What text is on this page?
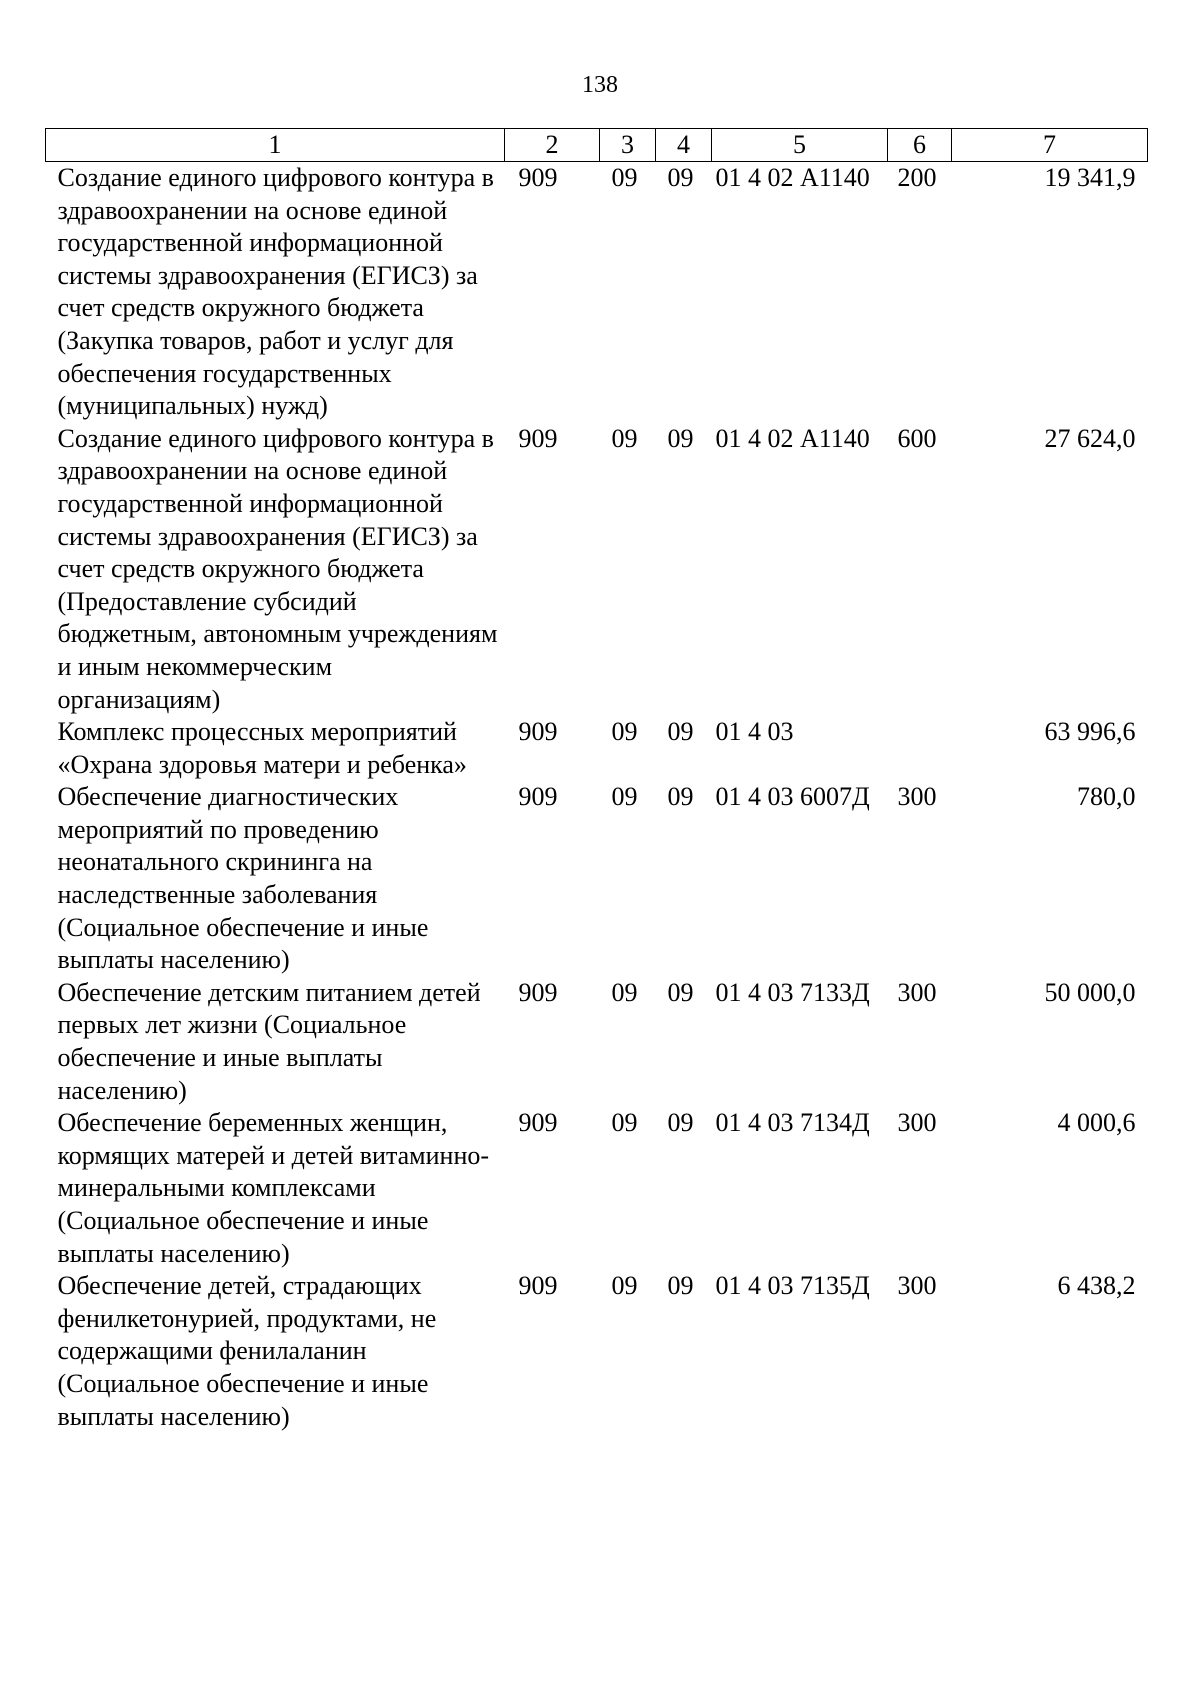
138
1	2	3	4	5	6	7
Создание единого цифрового контура в здравоохранении на основе единой государственной информационной системы здравоохранения (ЕГИСЗ) за счет средств окружного бюджета (Закупка товаров, работ и услуг для обеспечения государственных (муниципальных) нужд)	909	09	09	01 4 02 А1140	200	19 341,9
Создание единого цифрового контура в здравоохранении на основе единой государственной информационной системы здравоохранения (ЕГИСЗ) за счет средств окружного бюджета (Предоставление субсидий бюджетным, автономным учреждениям и иным некоммерческим организациям)	909	09	09	01 4 02 А1140	600	27 624,0
Комплекс процессных мероприятий «Охрана здоровья матери и ребенка»	909	09	09	01 4 03		63 996,6
Обеспечение диагностических мероприятий по проведению неонатального скрининга на наследственные заболевания (Социальное обеспечение и иные выплаты населению)	909	09	09	01 4 03 6007Д	300	780,0
Обеспечение детским питанием детей первых лет жизни (Социальное обеспечение и иные выплаты населению)	909	09	09	01 4 03 7133Д	300	50 000,0
Обеспечение беременных женщин, кормящих матерей и детей витаминно-минеральными комплексами (Социальное обеспечение и иные выплаты населению)	909	09	09	01 4 03 7134Д	300	4 000,6
Обеспечение детей, страдающих фенилкетонурией, продуктами, не содержащими фенилаланин (Социальное обеспечение и иные выплаты населению)	909	09	09	01 4 03 7135Д	300	6 438,2
